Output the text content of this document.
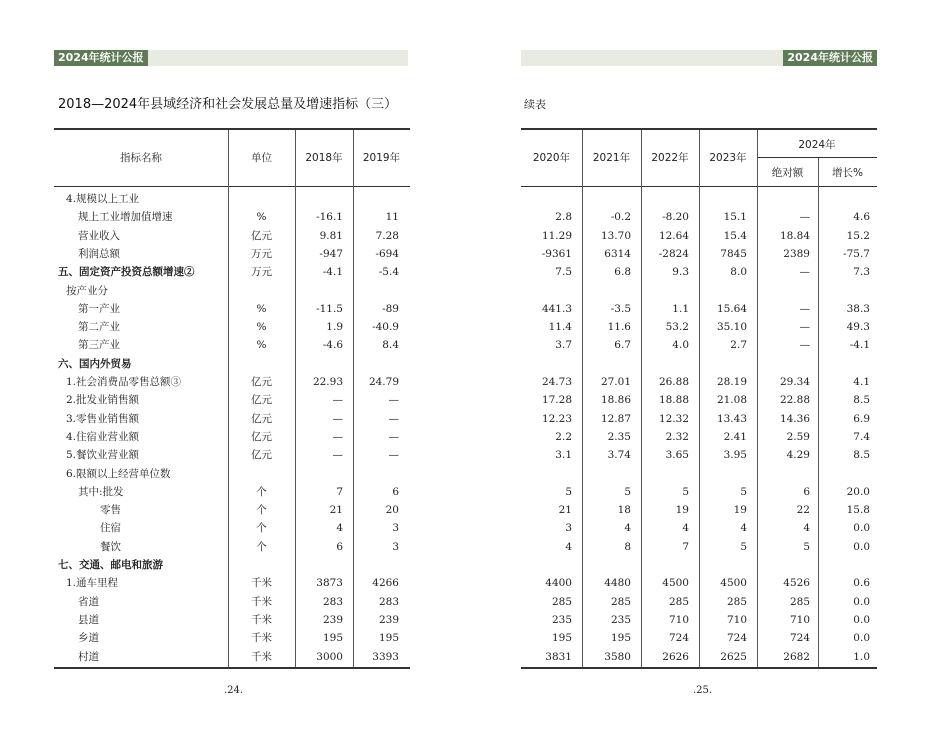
2024年统计公报	2024年统计公报
2018—2024年县域经济和社会发展总量及增速指标（三）	续表
指标名称	单位	2018年	2019年	2020年	2021年	2022年	2023年
2024年
绝对额	增长%
4.规模以上工业
规上工业增加值增速	%	-16.1	11	2.8	-0.2	-8.20	15.1	—	4.6
营业收入	亿元	9.81	7.28	11.29	13.70	12.64	15.4	18.84	15.2
利润总额	万元	-947	-694	-9361	6314	-2824	7845	2389	-75.7
五、固定资产投资总额增速②	万元	-4.1	-5.4	7.5	6.8	9.3	8.0	—	7.3
按产业分
第一产业	%	-11.5	-89	441.3	-3.5	1.1	15.64	—	38.3
第二产业	%	1.9	-40.9	11.4	11.6	53.2	35.10	—	49.3
第三产业	%	-4.6	8.4	3.7	6.7	4.0	2.7	—	-4.1
六、国内外贸易
1.社会消费品零售总额③	亿元	22.93	24.79	24.73	27.01	26.88	28.19	29.34	4.1
2.批发业销售额	亿元	—	—	17.28	18.86	18.88	21.08	22.88	8.5
3.零售业销售额	亿元	—	—	12.23	12.87	12.32	13.43	14.36	6.9
4.住宿业营业额	亿元	—	—	2.2	2.35	2.32	2.41	2.59	7.4
5.餐饮业营业额	亿元	—	—	3.1	3.74	3.65	3.95	4.29	8.5
6.限额以上经营单位数
其中:批发	个	7	6	5	5	5	5	6	20.0
零售	个	21	20	21	18	19	19	22	15.8
住宿	个	4	3	3	4	4	4	4	0.0
餐饮	个	6	3	4	8	7	5	5	0.0
七、交通、邮电和旅游
1.通车里程	千米	3873	4266	4400	4480	4500	4500	4526	0.6
省道	千米	283	283	285	285	285	285	285	0.0
县道	千米	239	239	235	235	710	710	710	0.0
乡道	千米	195	195	195	195	724	724	724	0.0
村道	千米	3000	3393	3831	3580	2626	2625	2682	1.0
.24.	.25.
